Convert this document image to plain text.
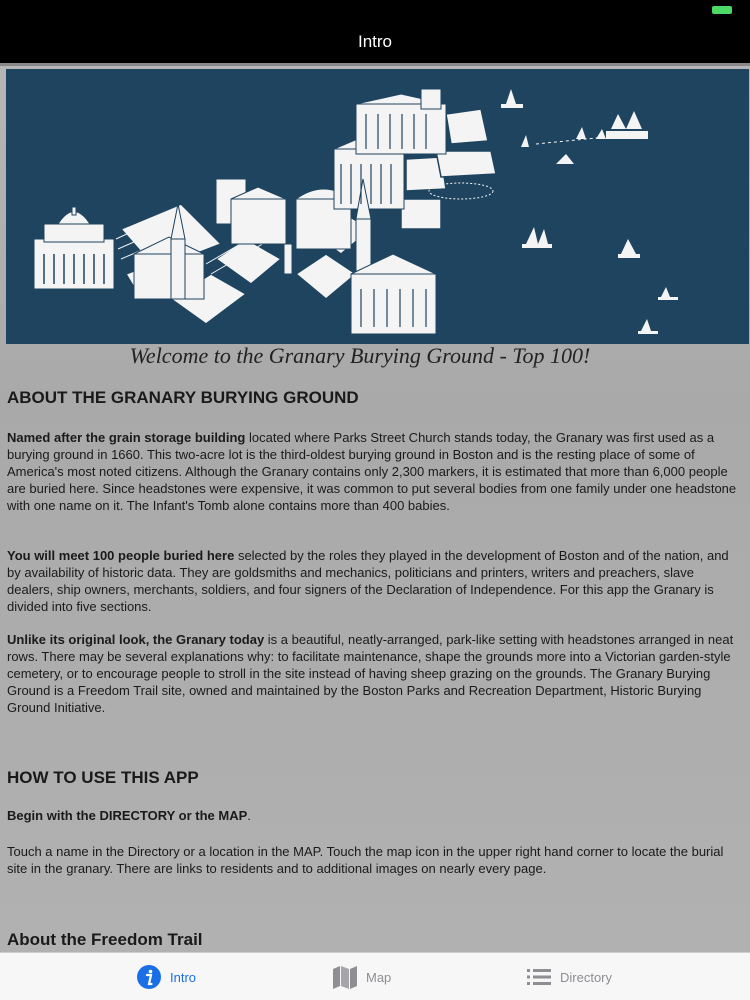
Intro
Welcome to the Granary Burying Ground - Top 100!
ABOUT THE GRANARY BURYING GROUND
Named after the grain storage building located where Parks Street Church stands today, the Granary was first used as a burying ground in 1660. This two-acre lot is the third-oldest burying ground in Boston and is the resting place of some of America's most noted citizens. Although the Granary contains only 2,300 markers, it is estimated that more than 6,000 people are buried here. Since headstones were expensive, it was common to put several bodies from one family under one headstone with one name on it. The Infant's Tomb alone contains more than 400 babies.
You will meet 100 people buried here selected by the roles they played in the development of Boston and of the nation, and by availability of historic data. They are goldsmiths and mechanics, politicians and printers, writers and preachers, slave dealers, ship owners, merchants, soldiers, and four signers of the Declaration of Independence. For this app the Granary is divided into five sections.
Unlike its original look, the Granary today is a beautiful, neatly-arranged, park-like setting with headstones arranged in neat rows. There may be several explanations why: to facilitate maintenance, shape the grounds more into a Victorian garden-style cemetery, or to encourage people to stroll in the site instead of having sheep grazing on the grounds. The Granary Burying Ground is a Freedom Trail site, owned and maintained by the Boston Parks and Recreation Department, Historic Burying Ground Initiative.
HOW TO USE THIS APP
Begin with the DIRECTORY or the MAP.
Touch a name in the Directory or a location in the MAP. Touch the map icon in the upper right hand corner to locate the burial site in the granary. There are links to residents and to additional images on nearly every page.
About the Freedom Trail
Intro	Map	Directory
